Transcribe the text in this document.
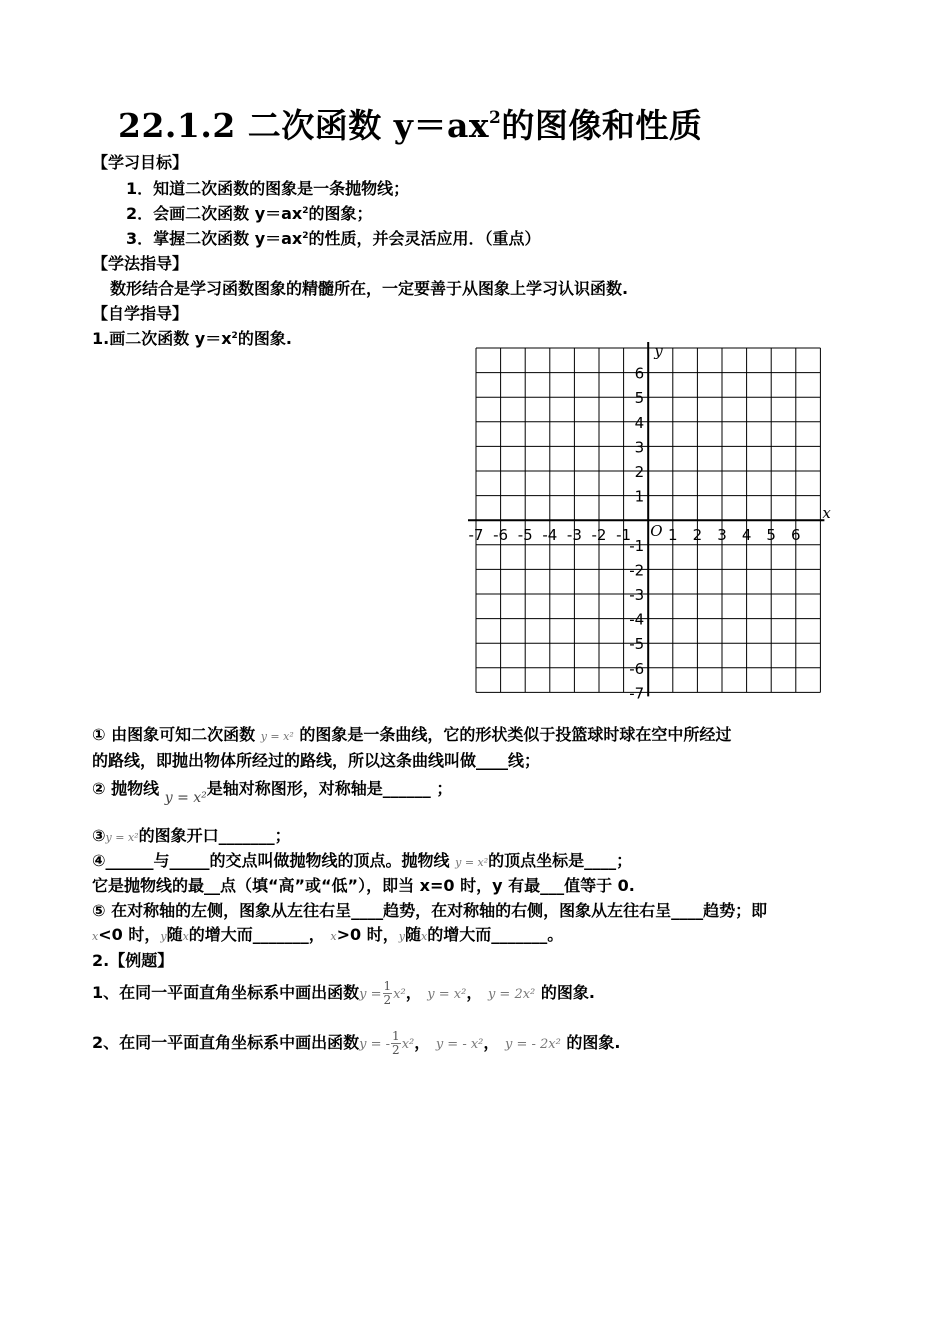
22.1.2 二次函数 $y=ax^2$的图像和性质
【学习目标】
1．知道二次函数的图象是一条抛物线；
2．会画二次函数 $y=ax^2$的图象；
3．掌握二次函数 $y=ax^2$的性质，并会灵活应用．（重点）
【学法指导】
数形结合是学习函数图象的精髓所在，一定要善于从图象上学习认识函数.
【自学指导】
1.画二次函数 $y=x^2$的图象.
-7 -6 -5 -4 -3 -2 -1 1 2 3 4 5 6
6
5
4
3
2
1
-1
-2
-3
-4
-5
-6
-7
O
x
y
① 由图象可知二次函数 y = x² 的图象是一条曲线，它的形状类似于投篮球时球在空中所经过
的路线，即抛出物体所经过的路线，所以这条曲线叫做____线；
② 抛物线 y = x²是轴对称图形，对称轴是______ ；
③y = x²的图象开口_______；
④______与_____的交点叫做抛物线的顶点。抛物线 y = x²的顶点坐标是____；
它是抛物线的最__点（填“高”或“低”），即当 x=0 时，y 有最___值等于 0.
⑤ 在对称轴的左侧，图象从左往右呈____趋势，在对称轴的右侧，图象从左往右呈____趋势；即
x<0 时，y随x的增大而_______， x>0 时，y随x的增大而_______。
2.【例题】
1、在同一平面直角坐标系中画出函数$y = \frac{1}{2} x^2$， y = x²， y = 2x² 的图象.
2、在同一平面直角坐标系中画出函数y = - $\frac{1}{2} x^2$， y = - x²， y = - 2x² 的图象.
